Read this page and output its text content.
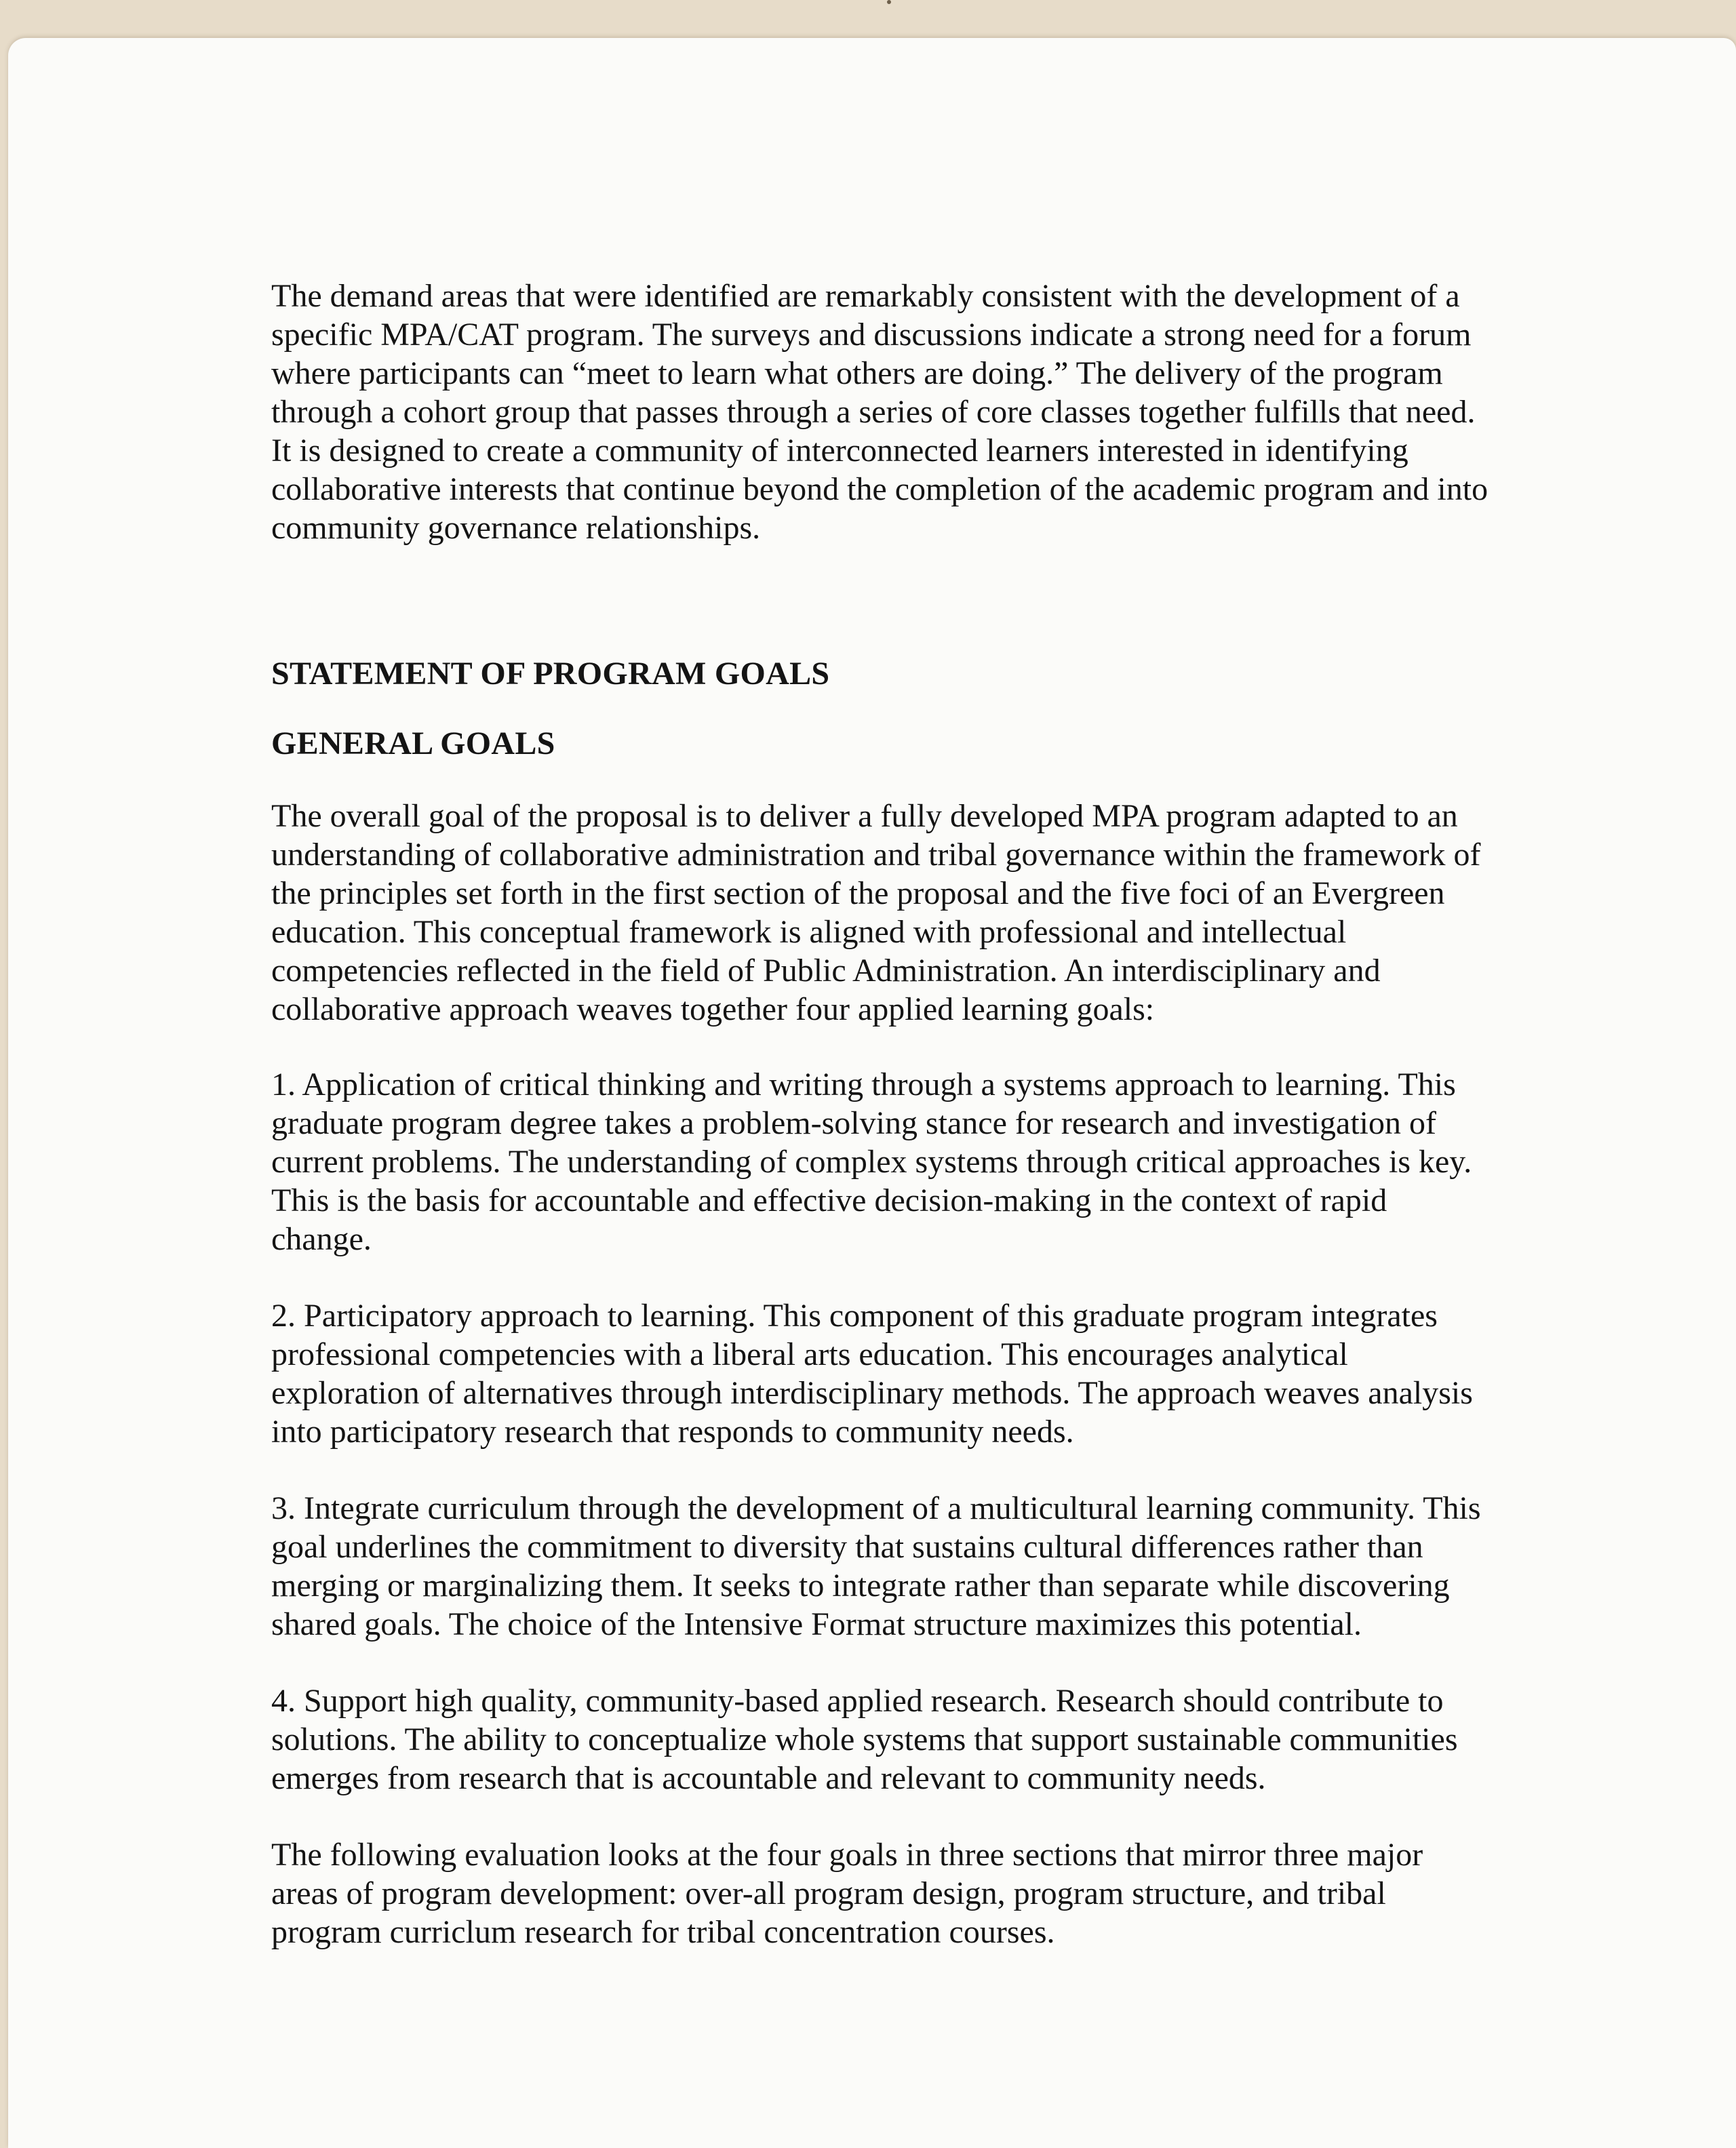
The demand areas that were identified are remarkably consistent with the development of a specific MPA/CAT program. The surveys and discussions indicate a strong need for a forum where participants can “meet to learn what others are doing.” The delivery of the program through a cohort group that passes through a series of core classes together fulfills that need. It is designed to create a community of interconnected learners interested in identifying collaborative interests that continue beyond the completion of the academic program and into community governance relationships.

STATEMENT OF PROGRAM GOALS
GENERAL GOALS

The overall goal of the proposal is to deliver a fully developed MPA program adapted to an understanding of collaborative administration and tribal governance within the framework of the principles set forth in the first section of the proposal and the five foci of an Evergreen education. This conceptual framework is aligned with professional and intellectual competencies reflected in the field of Public Administration. An interdisciplinary and collaborative approach weaves together four applied learning goals:

1. Application of critical thinking and writing through a systems approach to learning. This graduate program degree takes a problem-solving stance for research and investigation of current problems. The understanding of complex systems through critical approaches is key. This is the basis for accountable and effective decision-making in the context of rapid change.

2. Participatory approach to learning. This component of this graduate program integrates professional competencies with a liberal arts education. This encourages analytical exploration of alternatives through interdisciplinary methods. The approach weaves analysis into participatory research that responds to community needs.

3. Integrate curriculum through the development of a multicultural learning community. This goal underlines the commitment to diversity that sustains cultural differences rather than merging or marginalizing them. It seeks to integrate rather than separate while discovering shared goals. The choice of the Intensive Format structure maximizes this potential.

4. Support high quality, community-based applied research. Research should contribute to solutions. The ability to conceptualize whole systems that support sustainable communities emerges from research that is accountable and relevant to community needs.

The following evaluation looks at the four goals in three sections that mirror three major areas of program development: over-all program design, program structure, and tribal program curriclum research for tribal concentration courses.
